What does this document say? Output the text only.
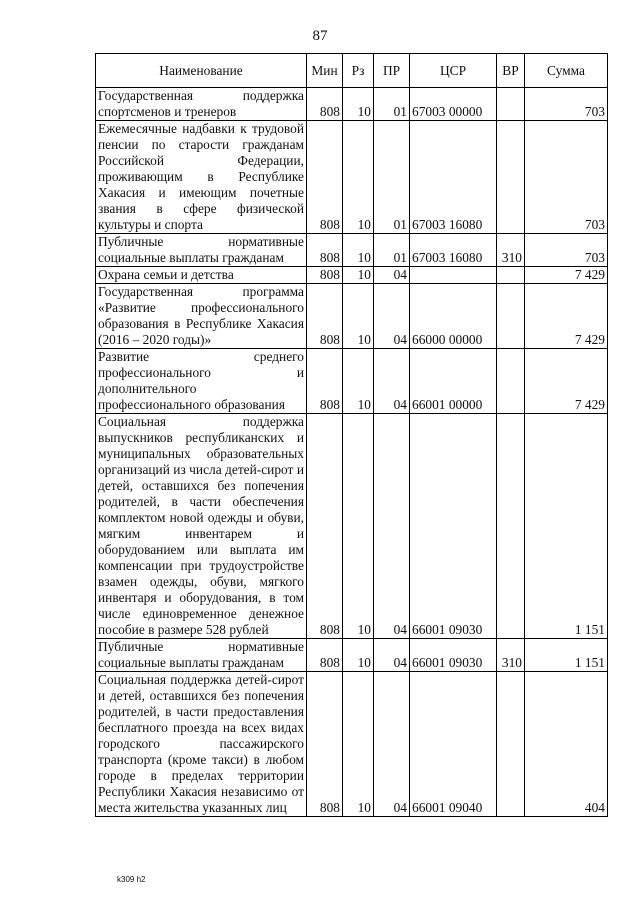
87
Наименование	Мин	Рз	ПР	ЦСР	ВР	Сумма
Государственная поддержка спортсменов и тренеров	808	10	01	67003 00000		703
Ежемесячные надбавки к трудовой пенсии по старости гражданам Российской Федерации, проживающим в Республике Хакасия и имеющим почетные звания в сфере физической культуры и спорта	808	10	01	67003 16080		703
Публичные нормативные социальные выплаты гражданам	808	10	01	67003 16080	310	703
Охрана семьи и детства	808	10	04			7 429
Государственная программа «Развитие профессионального образования в Республике Хакасия (2016 – 2020 годы)»	808	10	04	66000 00000		7 429
Развитие среднего профессионального и дополнительного профессионального образования	808	10	04	66001 00000		7 429
Социальная поддержка выпускников республиканских и муниципальных образовательных организаций из числа детей-сирот и детей, оставшихся без попечения родителей, в части обеспечения комплектом новой одежды и обуви, мягким инвентарем и оборудованием или выплата им компенсации при трудоустройстве взамен одежды, обуви, мягкого инвентаря и оборудования, в том числе единовременное денежное пособие в размере 528 рублей	808	10	04	66001 09030		1 151
Публичные нормативные социальные выплаты гражданам	808	10	04	66001 09030	310	1 151
Социальная поддержка детей-сирот и детей, оставшихся без попечения родителей, в части предоставления бесплатного проезда на всех видах городского пассажирского транспорта (кроме такси) в любом городе в пределах территории Республики Хакасия независимо от места жительства указанных лиц	808	10	04	66001 09040		404
k309 h2
